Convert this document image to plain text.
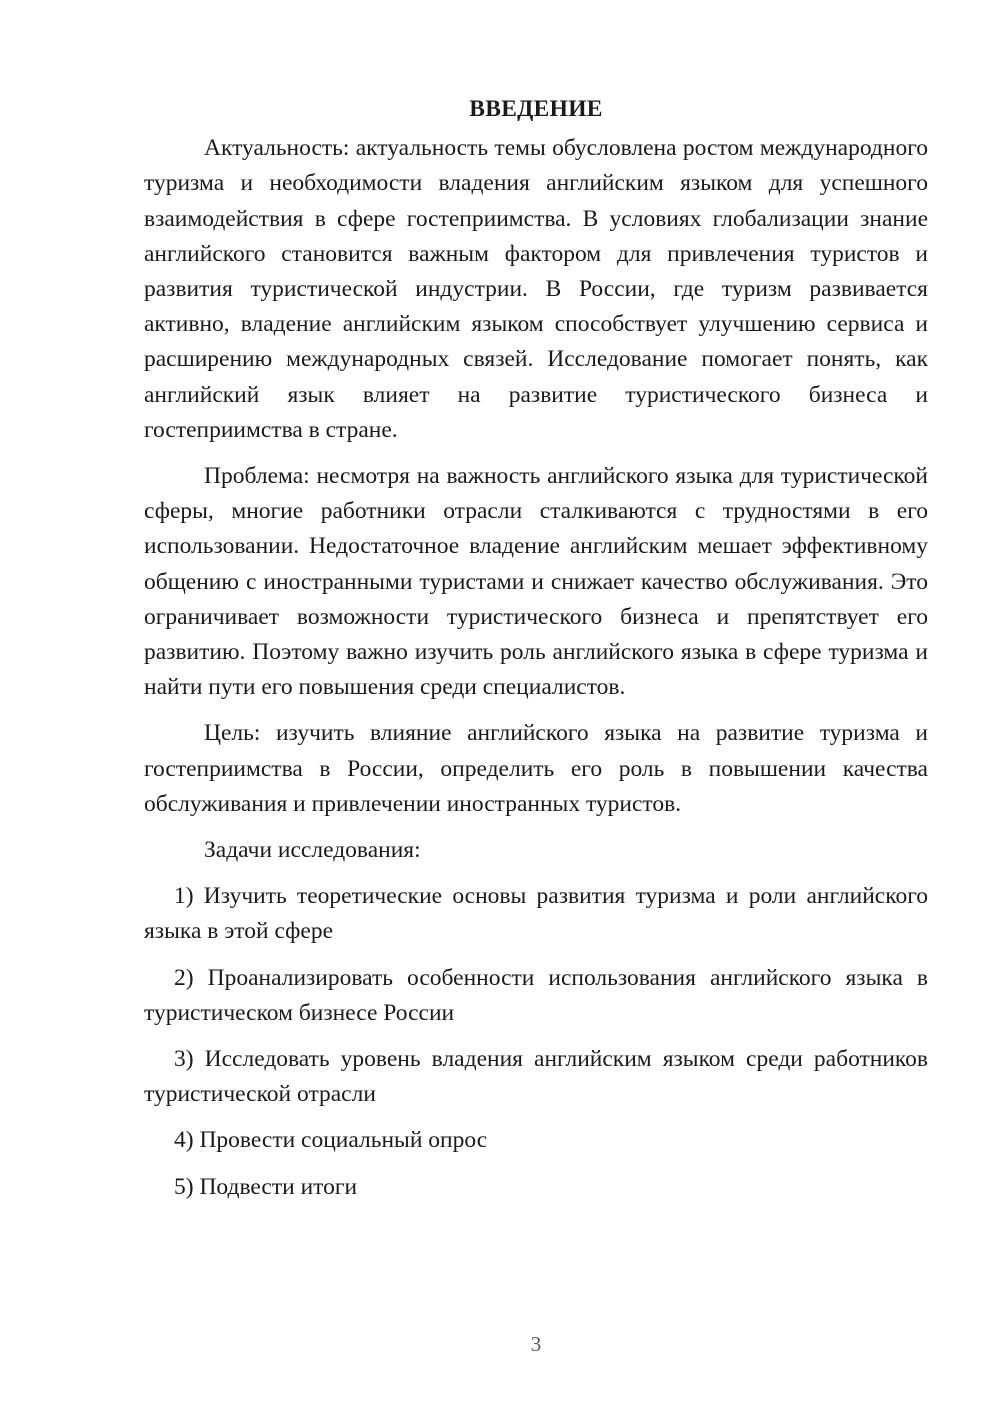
ВВЕДЕНИЕ

Актуальность: актуальность темы обусловлена ростом международного туризма и необходимости владения английским языком для успешного взаимодействия в сфере гостеприимства. В условиях глобализации знание английского становится важным фактором для привлечения туристов и развития туристической индустрии. В России, где туризм развивается активно, владение английским языком способствует улучшению сервиса и расширению международных связей. Исследование помогает понять, как английский язык влияет на развитие туристического бизнеса и гостеприимства в стране.

Проблема: несмотря на важность английского языка для туристической сферы, многие работники отрасли сталкиваются с трудностями в его использовании. Недостаточное владение английским мешает эффективному общению с иностранными туристами и снижает качество обслуживания. Это ограничивает возможности туристического бизнеса и препятствует его развитию. Поэтому важно изучить роль английского языка в сфере туризма и найти пути его повышения среди специалистов.

Цель: изучить влияние английского языка на развитие туризма и гостеприимства в России, определить его роль в повышении качества обслуживания и привлечении иностранных туристов.

Задачи исследования:

1) Изучить теоретические основы развития туризма и роли английского языка в этой сфере

2) Проанализировать особенности использования английского языка в туристическом бизнесе России

3) Исследовать уровень владения английским языком среди работников туристической отрасли

4) Провести социальный опрос

5) Подвести итоги

3
